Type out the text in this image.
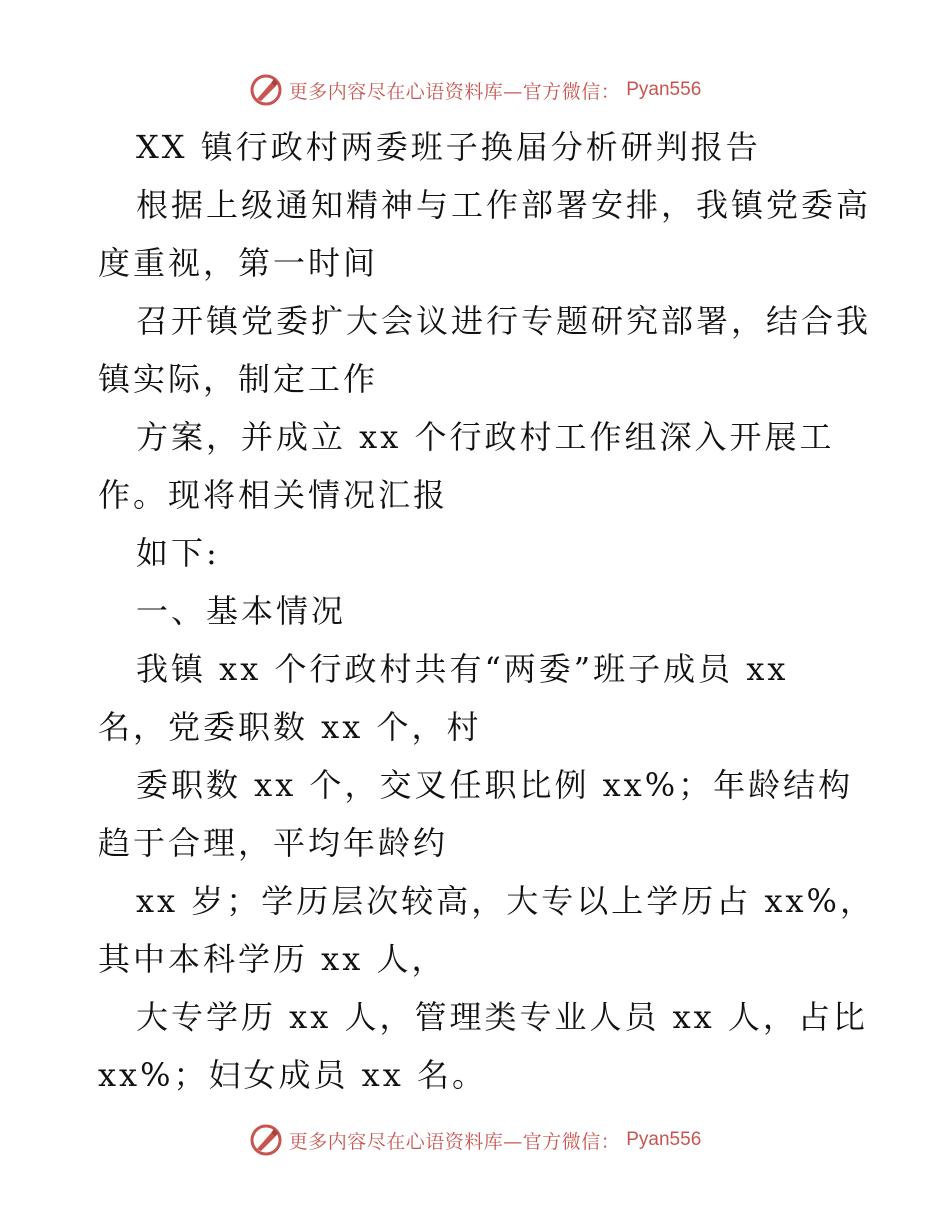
更多内容尽在心语资料库—官方微信： Pyan556
XX 镇行政村两委班子换届分析研判报告
根据上级通知精神与工作部署安排，我镇党委高
度重视，第一时间
召开镇党委扩大会议进行专题研究部署，结合我
镇实际，制定工作
方案，并成立 xx 个行政村工作组深入开展工
作。现将相关情况汇报
如下:
一、基本情况
我镇 xx 个行政村共有“两委”班子成员 xx
名，党委职数 xx 个，村
委职数 xx 个，交叉任职比例 xx%；年龄结构
趋于合理，平均年龄约
xx 岁；学历层次较高，大专以上学历占 xx%，
其中本科学历 xx 人，
大专学历 xx 人，管理类专业人员 xx 人，占比
xx%；妇女成员 xx 名。
更多内容尽在心语资料库—官方微信： Pyan556
